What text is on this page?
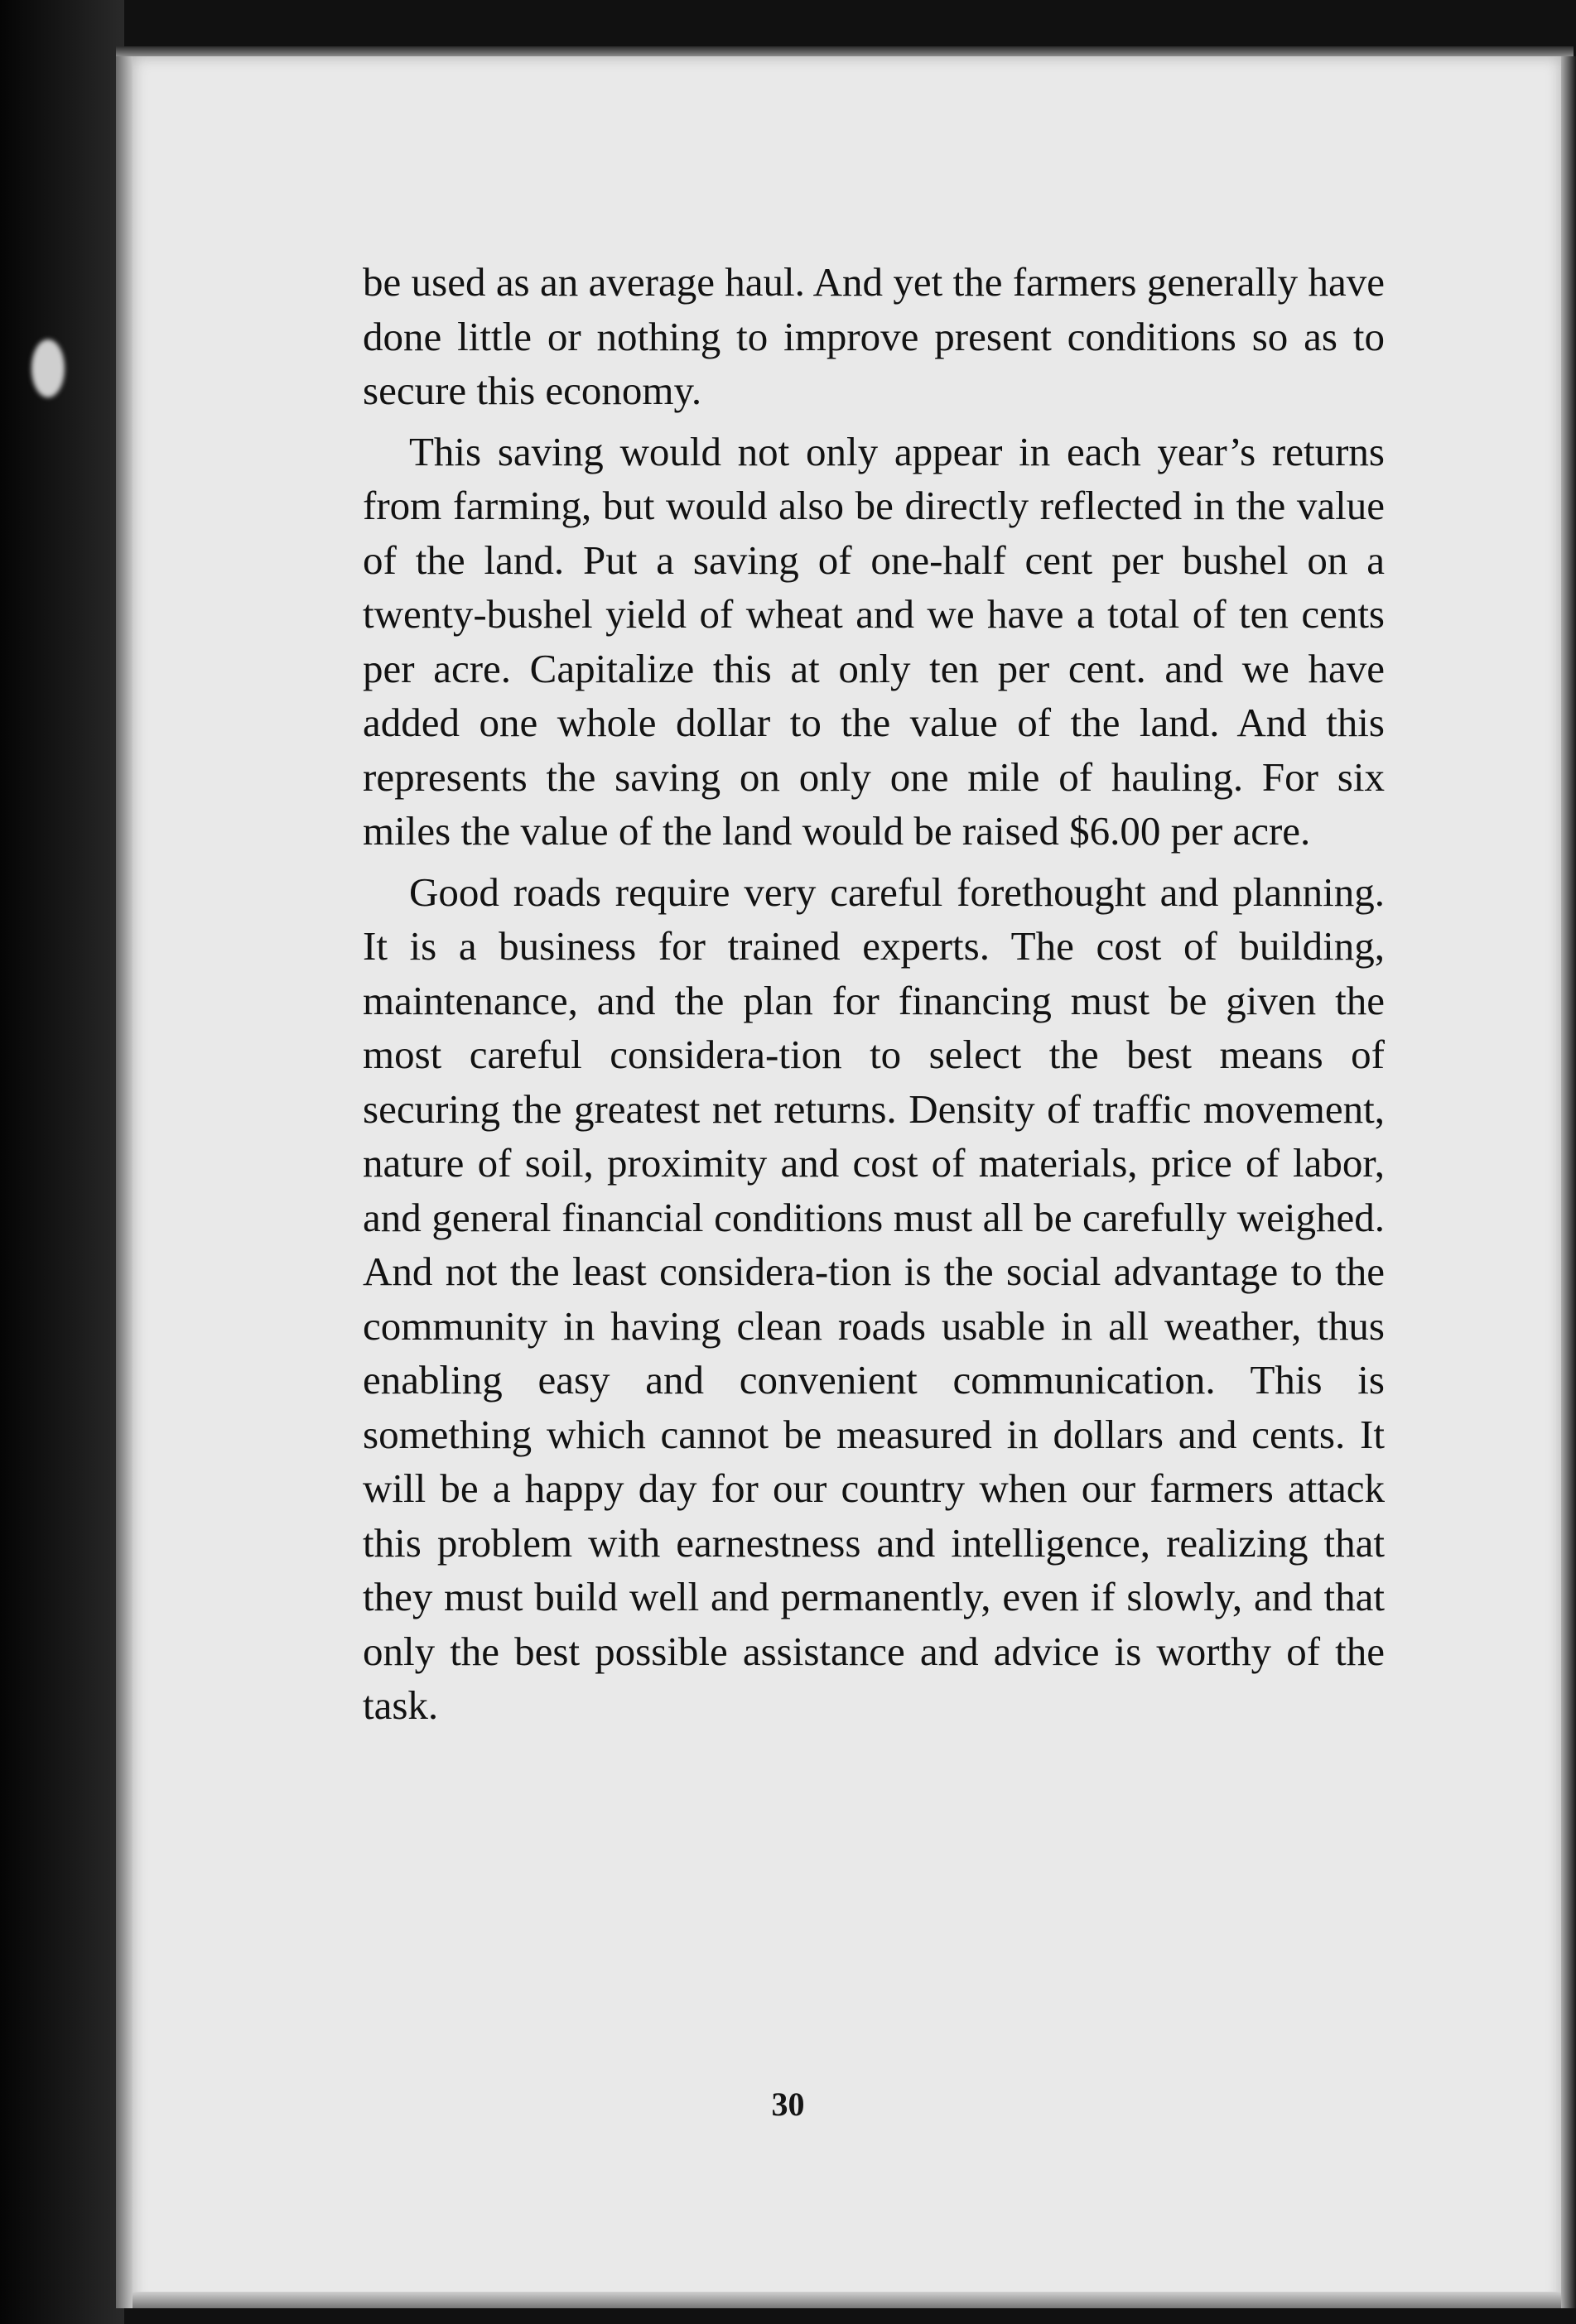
be used as an average haul. And yet the farmers generally have done little or nothing to improve present conditions so as to secure this economy.

This saving would not only appear in each year’s returns from farming, but would also be directly reflected in the value of the land. Put a saving of one-half cent per bushel on a twenty-bushel yield of wheat and we have a total of ten cents per acre. Capitalize this at only ten per cent. and we have added one whole dollar to the value of the land. And this represents the saving on only one mile of hauling. For six miles the value of the land would be raised $6.00 per acre.

Good roads require very careful forethought and planning. It is a business for trained experts. The cost of building, maintenance, and the plan for financing must be given the most careful considera-tion to select the best means of securing the greatest net returns. Density of traffic movement, nature of soil, proximity and cost of materials, price of labor, and general financial conditions must all be carefully weighed. And not the least considera-tion is the social advantage to the community in having clean roads usable in all weather, thus enabling easy and convenient communication. This is something which cannot be measured in dollars and cents. It will be a happy day for our country when our farmers attack this problem with earnestness and intelligence, realizing that they must build well and permanently, even if slowly, and that only the best possible assistance and advice is worthy of the task.

30
